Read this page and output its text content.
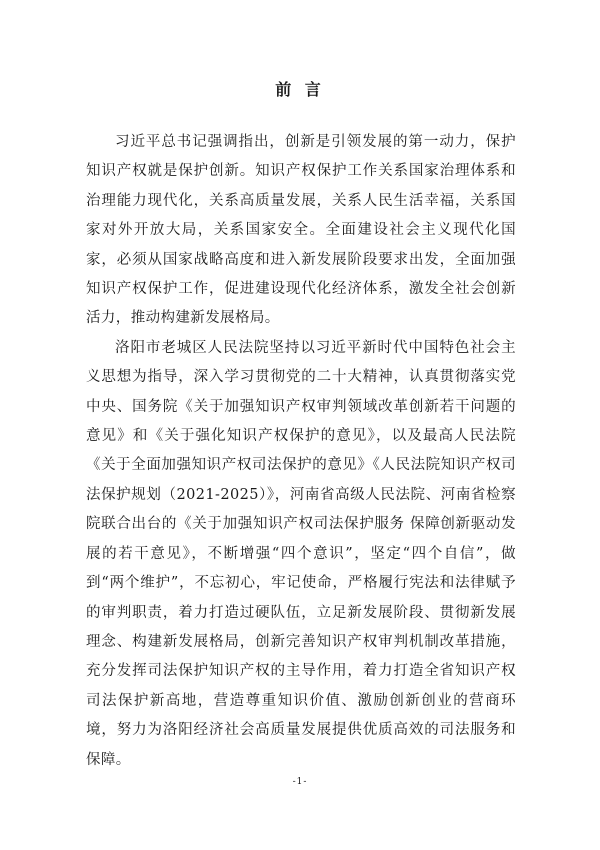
前 言

习近平总书记强调指出，创新是引领发展的第一动力，保护知识产权就是保护创新。知识产权保护工作关系国家治理体系和治理能力现代化，关系高质量发展，关系人民生活幸福，关系国家对外开放大局，关系国家安全。全面建设社会主义现代化国家，必须从国家战略高度和进入新发展阶段要求出发，全面加强知识产权保护工作，促进建设现代化经济体系，激发全社会创新活力，推动构建新发展格局。

洛阳市老城区人民法院坚持以习近平新时代中国特色社会主义思想为指导，深入学习贯彻党的二十大精神，认真贯彻落实党中央、国务院《关于加强知识产权审判领域改革创新若干问题的意见》和《关于强化知识产权保护的意见》，以及最高人民法院《关于全面加强知识产权司法保护的意见》《人民法院知识产权司法保护规划（2021-2025）》，河南省高级人民法院、河南省检察院联合出台的《关于加强知识产权司法保护服务 保障创新驱动发展的若干意见》，不断增强“四个意识”，坚定“四个自信”，做到“两个维护”，不忘初心，牢记使命，严格履行宪法和法律赋予的审判职责，着力打造过硬队伍，立足新发展阶段、贯彻新发展理念、构建新发展格局，创新完善知识产权审判机制改革措施，充分发挥司法保护知识产权的主导作用，着力打造全省知识产权司法保护新高地，营造尊重知识价值、激励创新创业的营商环境，努力为洛阳经济社会高质量发展提供优质高效的司法服务和保障。

-1-
